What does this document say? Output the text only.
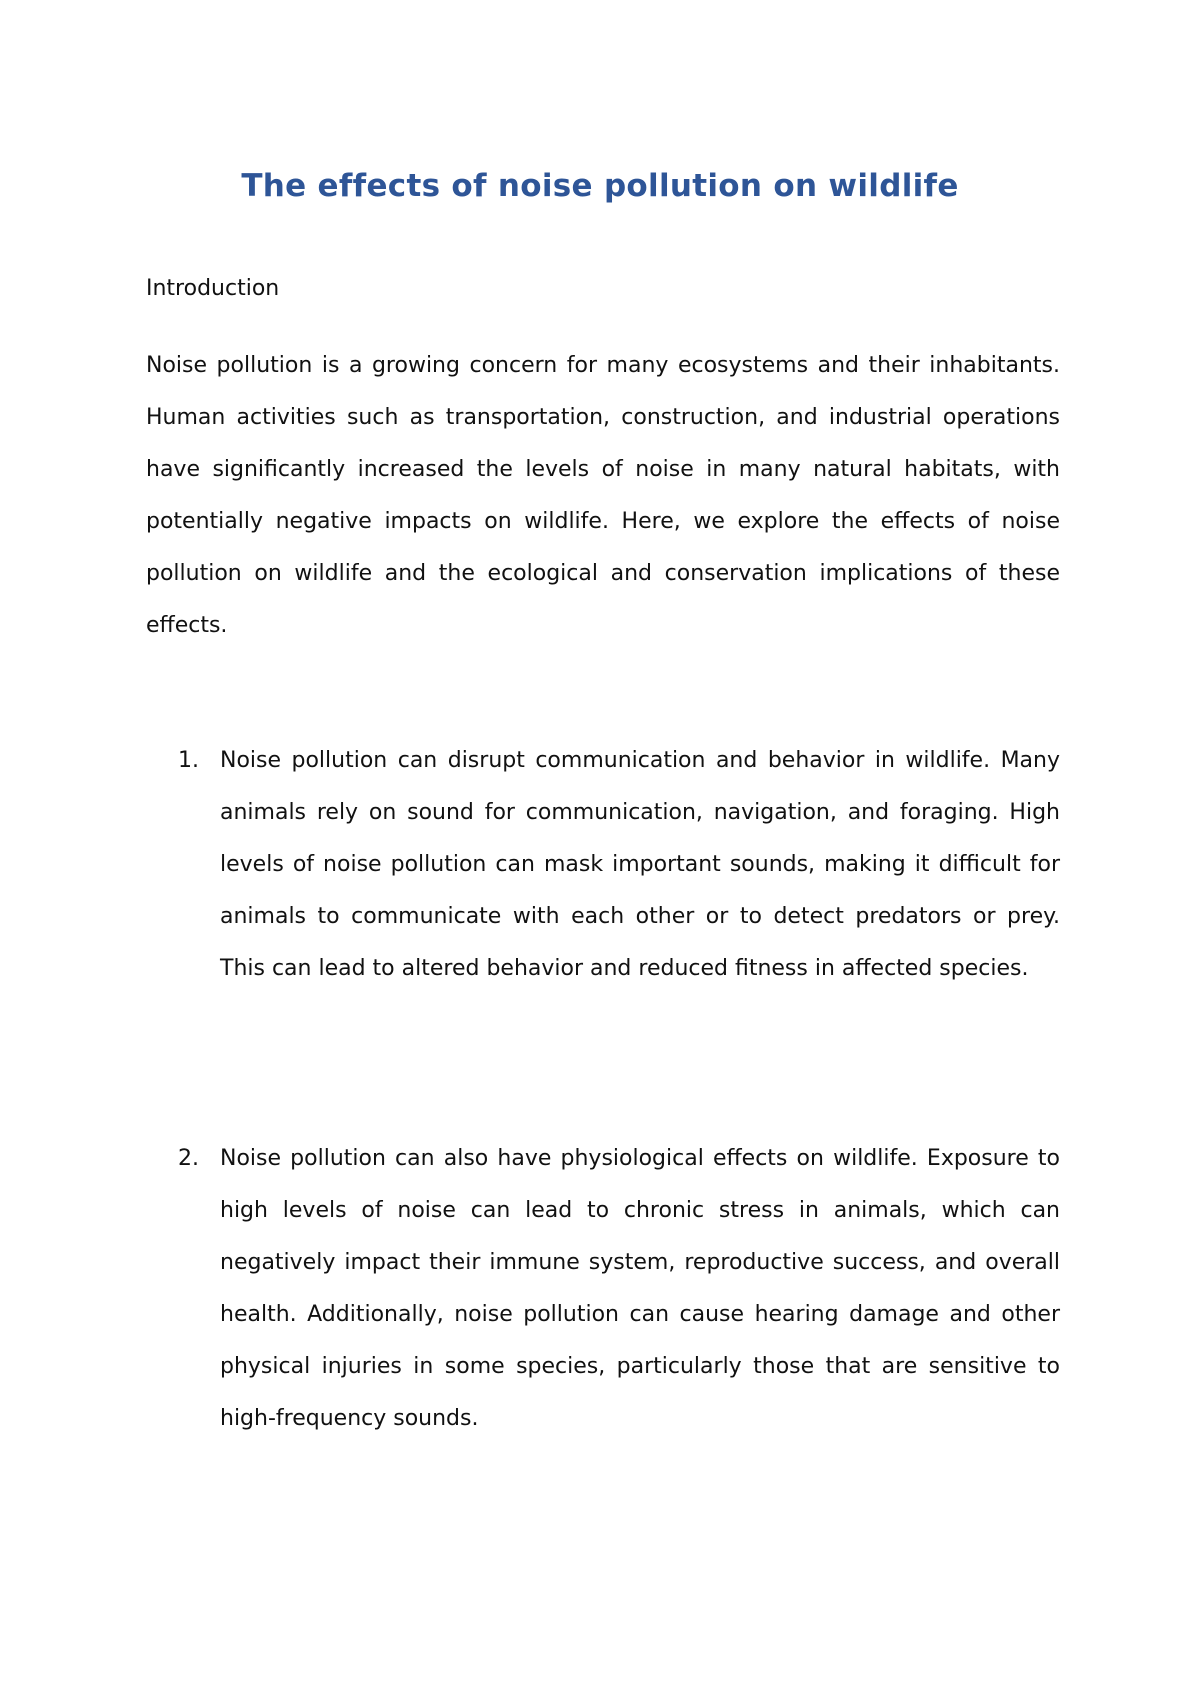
The effects of noise pollution on wildlife

Introduction

Noise pollution is a growing concern for many ecosystems and their inhabitants. Human activities such as transportation, construction, and industrial operations have significantly increased the levels of noise in many natural habitats, with potentially negative impacts on wildlife. Here, we explore the effects of noise pollution on wildlife and the ecological and conservation implications of these effects.

1. Noise pollution can disrupt communication and behavior in wildlife. Many animals rely on sound for communication, navigation, and foraging. High levels of noise pollution can mask important sounds, making it difficult for animals to communicate with each other or to detect predators or prey. This can lead to altered behavior and reduced fitness in affected species.

2. Noise pollution can also have physiological effects on wildlife. Exposure to high levels of noise can lead to chronic stress in animals, which can negatively impact their immune system, reproductive success, and overall health. Additionally, noise pollution can cause hearing damage and other physical injuries in some species, particularly those that are sensitive to high-frequency sounds.
